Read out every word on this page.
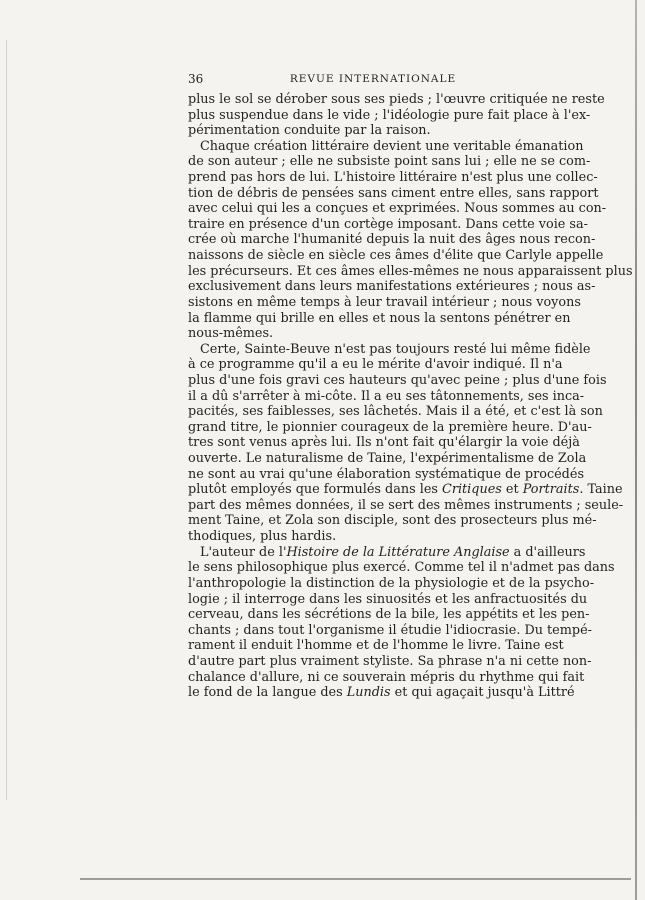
36	REVUE INTERNATIONALE
plus le sol se dérober sous ses pieds ; l'œuvre critiquée ne reste
plus suspendue dans le vide ; l'idéologie pure fait place à l'ex-
périmentation conduite par la raison.
Chaque création littéraire devient une veritable émanation
de son auteur ; elle ne subsiste point sans lui ; elle ne se com-
prend pas hors de lui. L'histoire littéraire n'est plus une collec-
tion de débris de pensées sans ciment entre elles, sans rapport
avec celui qui les a conçues et exprimées. Nous sommes au con-
traire en présence d'un cortège imposant. Dans cette voie sa-
crée où marche l'humanité depuis la nuit des âges nous recon-
naissons de siècle en siècle ces âmes d'élite que Carlyle appelle
les précurseurs. Et ces âmes elles-mêmes ne nous apparaissent plus
exclusivement dans leurs manifestations extérieures ; nous as-
sistons en même temps à leur travail intérieur ; nous voyons
la flamme qui brille en elles et nous la sentons pénétrer en
nous-mêmes.
Certe, Sainte-Beuve n'est pas toujours resté lui même fidèle
à ce programme qu'il a eu le mérite d'avoir indiqué. Il n'a
plus d'une fois gravi ces hauteurs qu'avec peine ; plus d'une fois
il a dû s'arrêter à mi-côte. Il a eu ses tâtonnements, ses inca-
pacités, ses faiblesses, ses lâchetés. Mais il a été, et c'est là son
grand titre, le pionnier courageux de la première heure. D'au-
tres sont venus après lui. Ils n'ont fait qu'élargir la voie déjà
ouverte. Le naturalisme de Taine, l'expérimentalisme de Zola
ne sont au vrai qu'une élaboration systématique de procédés
plutôt employés que formulés dans les Critiques et Portraits. Taine
part des mêmes données, il se sert des mêmes instruments ; seule-
ment Taine, et Zola son disciple, sont des prosecteurs plus mé-
thodiques, plus hardis.
L'auteur de l'Histoire de la Littérature Anglaise a d'ailleurs
le sens philosophique plus exercé. Comme tel il n'admet pas dans
l'anthropologie la distinction de la physiologie et de la psycho-
logie ; il interroge dans les sinuosités et les anfractuosités du
cerveau, dans les sécrétions de la bile, les appétits et les pen-
chants ; dans tout l'organisme il étudie l'idiocrasie. Du tempé-
rament il enduit l'homme et de l'homme le livre. Taine est
d'autre part plus vraiment styliste. Sa phrase n'a ni cette non-
chalance d'allure, ni ce souverain mépris du rhythme qui fait
le fond de la langue des Lundis et qui agaçait jusqu'à Littré
